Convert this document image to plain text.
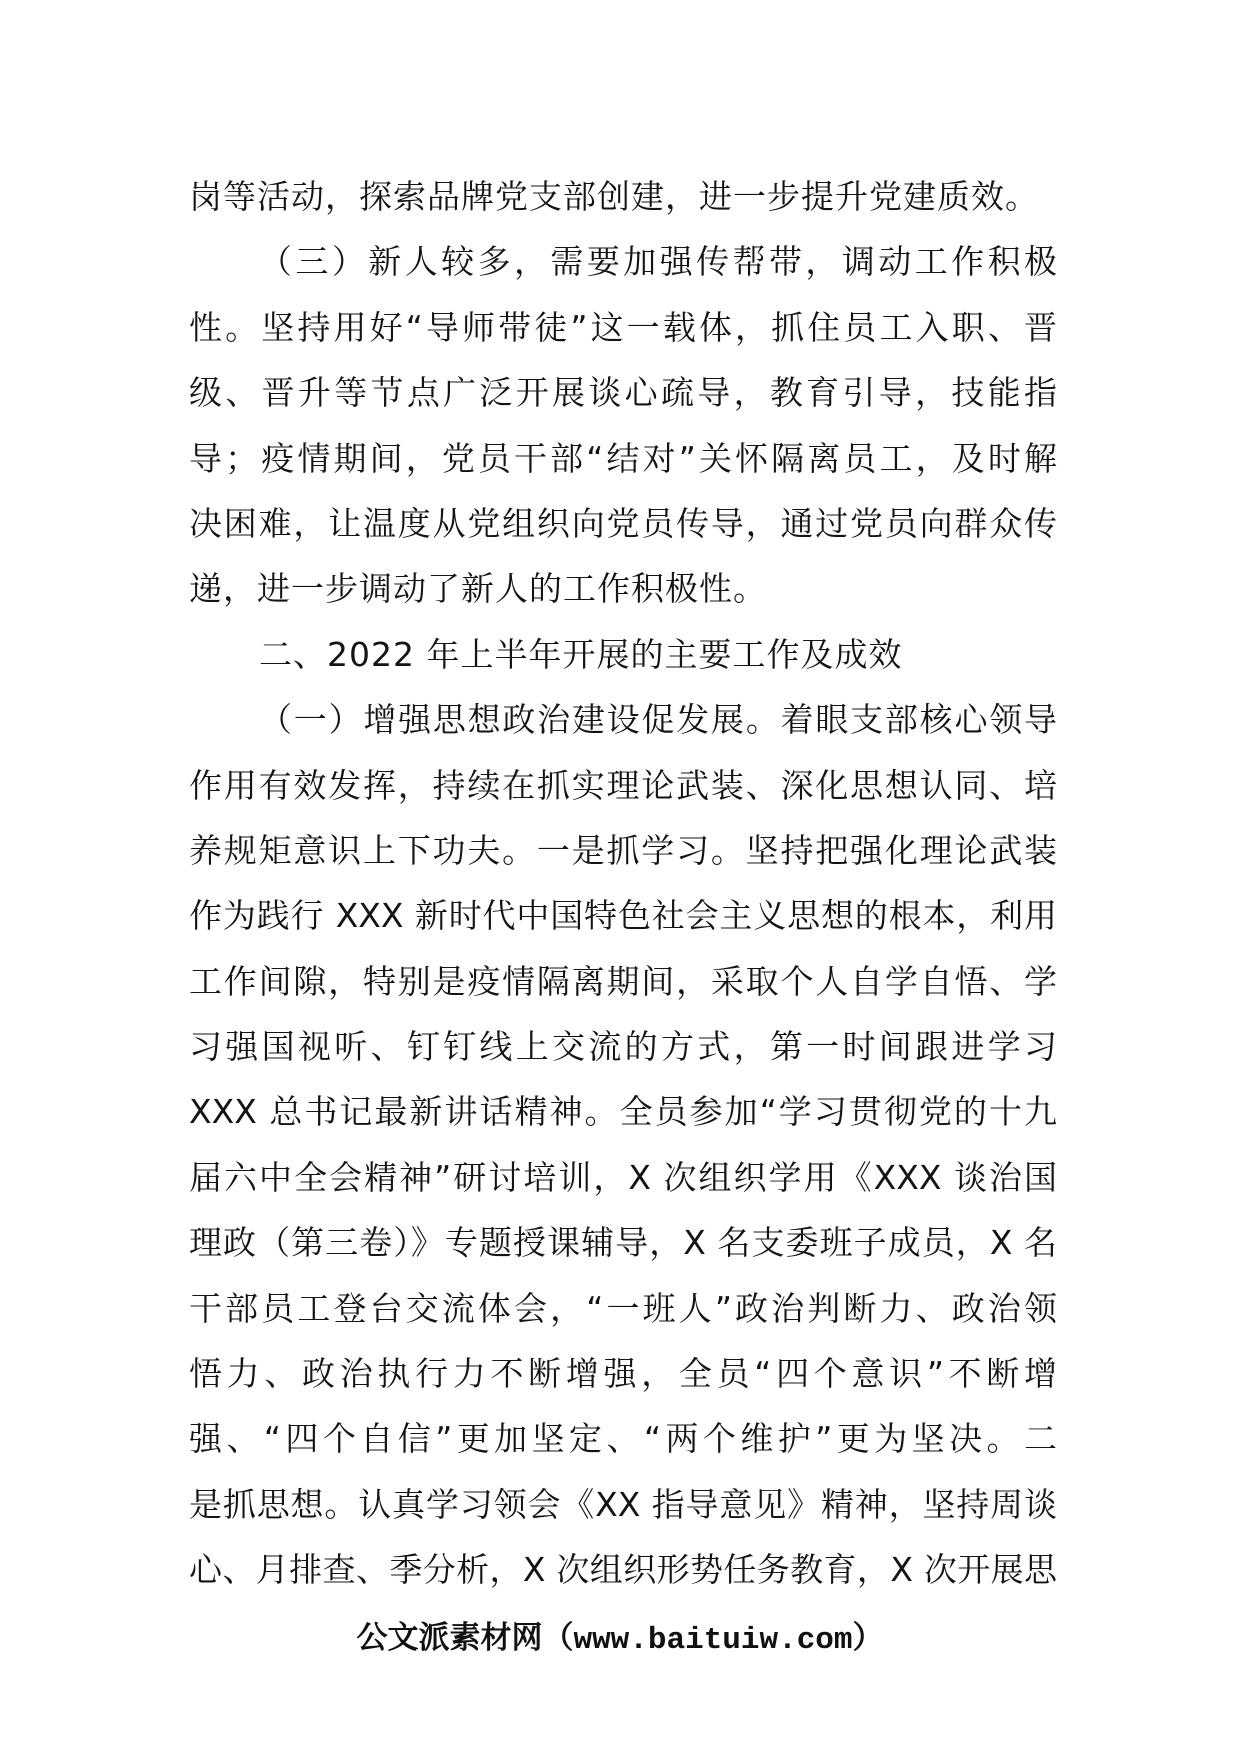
岗等活动，探索品牌党支部创建，进一步提升党建质效。
（三）新人较多，需要加强传帮带，调动工作积极
性。坚持用好“导师带徒”这一载体，抓住员工入职、晋
级、晋升等节点广泛开展谈心疏导，教育引导，技能指
导；疫情期间，党员干部“结对”关怀隔离员工，及时解
决困难，让温度从党组织向党员传导，通过党员向群众传
递，进一步调动了新人的工作积极性。
二、2022 年上半年开展的主要工作及成效
（一）增强思想政治建设促发展。着眼支部核心领导
作用有效发挥，持续在抓实理论武装、深化思想认同、培
养规矩意识上下功夫。一是抓学习。坚持把强化理论武装
作为践行 XXX 新时代中国特色社会主义思想的根本，利用
工作间隙，特别是疫情隔离期间，采取个人自学自悟、学
习强国视听、钉钉线上交流的方式，第一时间跟进学习
XXX 总书记最新讲话精神。全员参加“学习贯彻党的十九
届六中全会精神”研讨培训，X 次组织学用《XXX 谈治国
理政（第三卷）》专题授课辅导，X 名支委班子成员，X 名
干部员工登台交流体会，“一班人”政治判断力、政治领
悟力、政治执行力不断增强，全员“四个意识”不断增
强、“四个自信”更加坚定、“两个维护”更为坚决。二
是抓思想。认真学习领会《XX 指导意见》精神，坚持周谈
心、月排查、季分析，X 次组织形势任务教育，X 次开展思
公文派素材网（www.baituiw.com）
